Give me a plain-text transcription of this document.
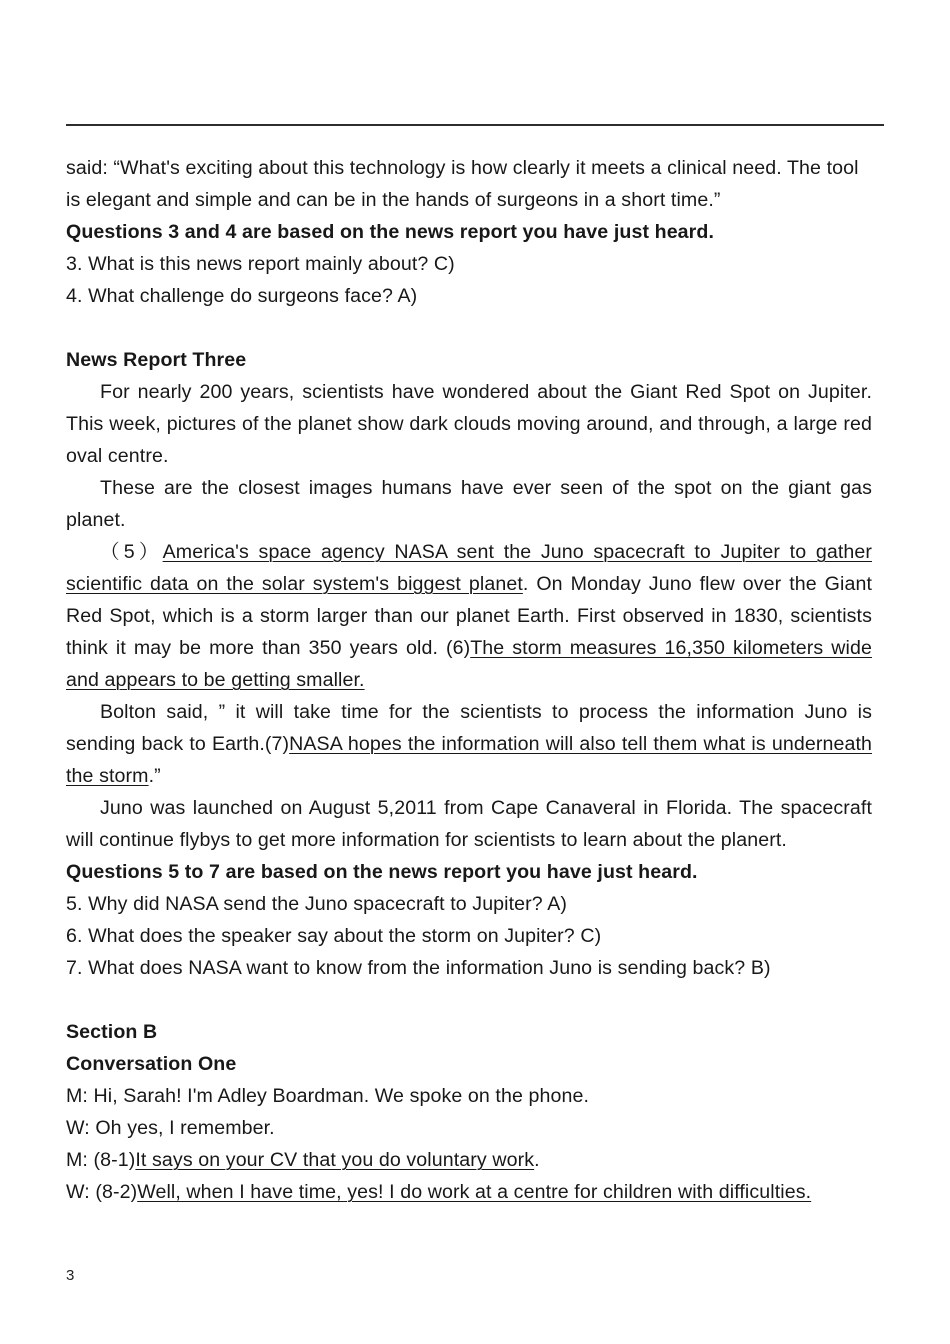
said: “What's exciting about this technology is how clearly it meets a clinical need. The tool is elegant and simple and can be in the hands of surgeons in a short time.”

Questions 3 and 4 are based on the news report you have just heard.

3. What is this news report mainly about? C)

4. What challenge do surgeons face? A)

News Report Three

For nearly 200 years, scientists have wondered about the Giant Red Spot on Jupiter. This week, pictures of the planet show dark clouds moving around, and through, a large red oval centre.

These are the closest images humans have ever seen of the spot on the giant gas planet.

（5）America's space agency NASA sent the Juno spacecraft to Jupiter to gather scientific data on the solar system's biggest planet. On Monday Juno flew over the Giant Red Spot, which is a storm larger than our planet Earth. First observed in 1830, scientists think it may be more than 350 years old. (6)The storm measures 16,350 kilometers wide and appears to be getting smaller.

Bolton said, ” it will take time for the scientists to process the information Juno is sending back to Earth.(7)NASA hopes the information will also tell them what is underneath the storm.”

Juno was launched on August 5,2011 from Cape Canaveral in Florida. The spacecraft will continue flybys to get more information for scientists to learn about the planert.

Questions 5 to 7 are based on the news report you have just heard.

5. Why did NASA send the Juno spacecraft to Jupiter? A)

6. What does the speaker say about the storm on Jupiter? C)

7. What does NASA want to know from the information Juno is sending back? B)

Section B

Conversation One

M: Hi, Sarah! I'm Adley Boardman. We spoke on the phone.

W: Oh yes, I remember.

M: (8-1)It says on your CV that you do voluntary work.

W: (8-2)Well, when I have time, yes! I do work at a centre for children with difficulties.

3
